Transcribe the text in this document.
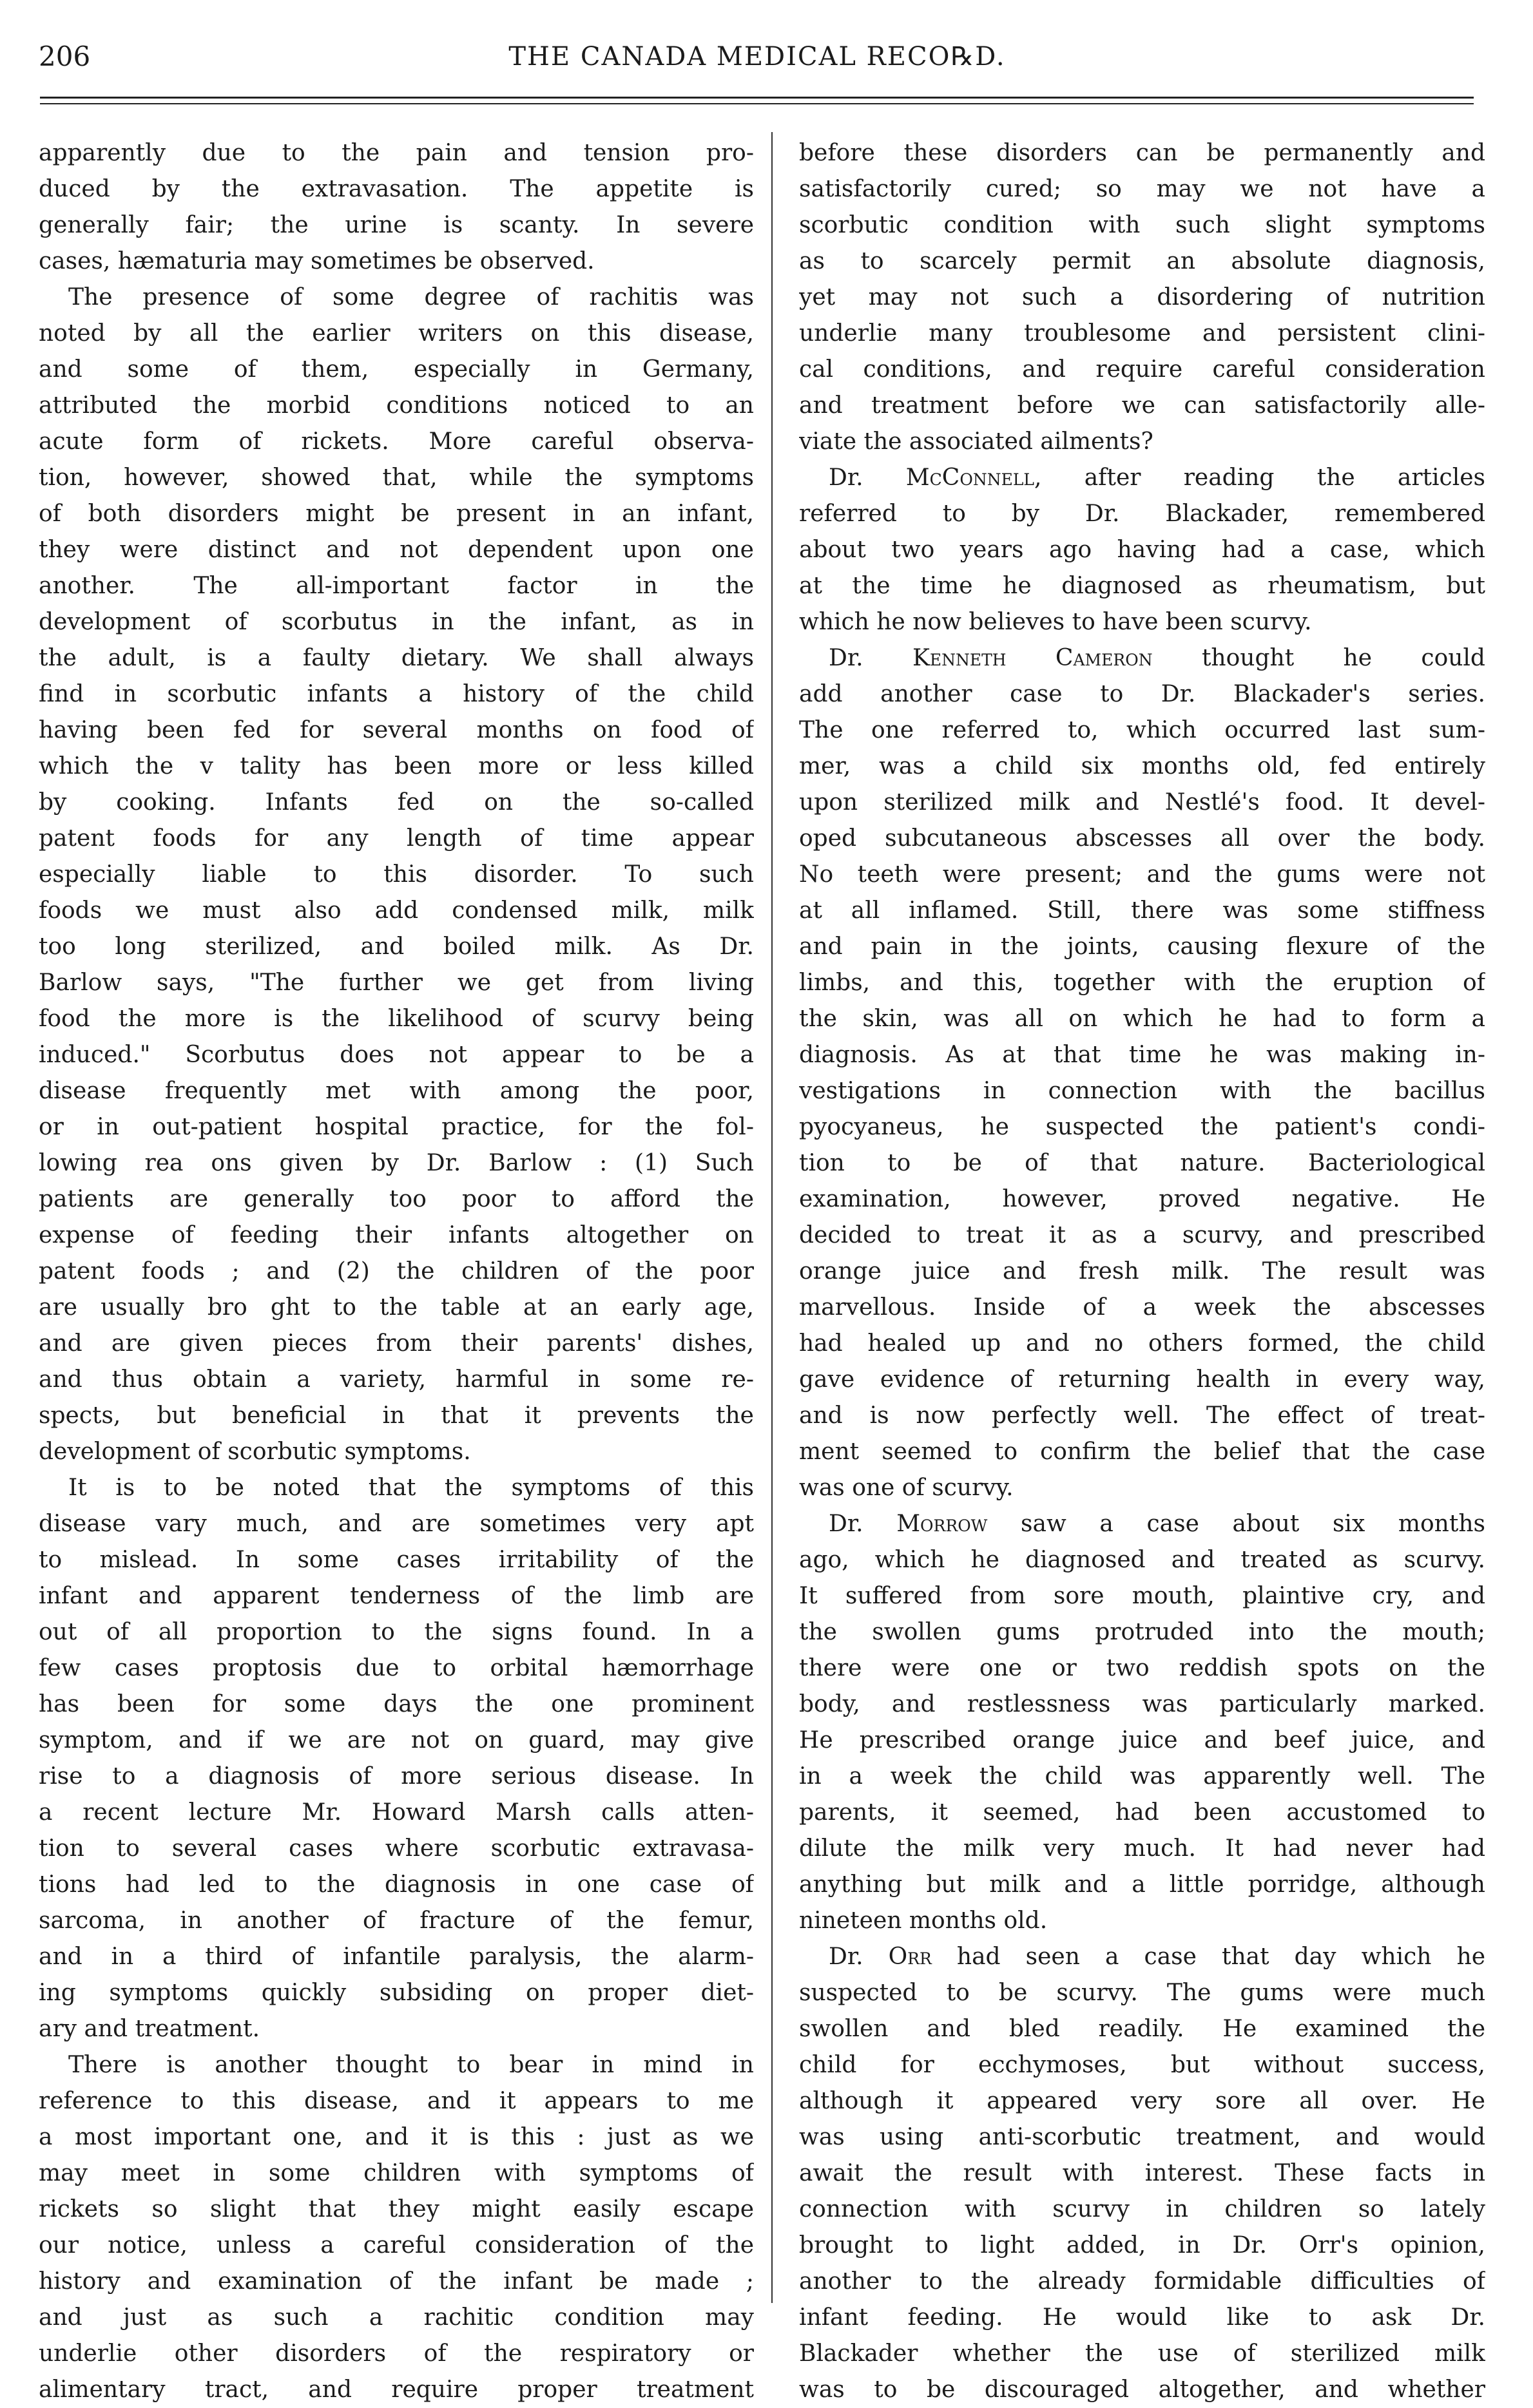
206	THE CANADA MEDICAL RECO℞D.
apparently due to the pain and tension pro-
duced by the extravasation. The appetite is
generally fair; the urine is scanty. In severe
cases, hæmaturia may sometimes be observed.
The presence of some degree of rachitis was
noted by all the earlier writers on this disease,
and some of them, especially in Germany,
attributed the morbid conditions noticed to an
acute form of rickets. More careful observa-
tion, however, showed that, while the symptoms
of both disorders might be present in an infant,
they were distinct and not dependent upon one
another. The all-important factor in the
development of scorbutus in the infant, as in
the adult, is a faulty dietary. We shall always
find in scorbutic infants a history of the child
having been fed for several months on food of
which the v tality has been more or less killed
by cooking. Infants fed on the so-called
patent foods for any length of time appear
especially liable to this disorder. To such
foods we must also add condensed milk, milk
too long sterilized, and boiled milk. As Dr.
Barlow says, "The further we get from living
food the more is the likelihood of scurvy being
induced." Scorbutus does not appear to be a
disease frequently met with among the poor,
or in out-patient hospital practice, for the fol-
lowing rea ons given by Dr. Barlow : (1) Such
patients are generally too poor to afford the
expense of feeding their infants altogether on
patent foods ; and (2) the children of the poor
are usually bro ght to the table at an early age,
and are given pieces from their parents' dishes,
and thus obtain a variety, harmful in some re-
spects, but beneficial in that it prevents the
development of scorbutic symptoms.
It is to be noted that the symptoms of this
disease vary much, and are sometimes very apt
to mislead. In some cases irritability of the
infant and apparent tenderness of the limb are
out of all proportion to the signs found. In a
few cases proptosis due to orbital hæmorrhage
has been for some days the one prominent
symptom, and if we are not on guard, may give
rise to a diagnosis of more serious disease. In
a recent lecture Mr. Howard Marsh calls atten-
tion to several cases where scorbutic extravasa-
tions had led to the diagnosis in one case of
sarcoma, in another of fracture of the femur,
and in a third of infantile paralysis, the alarm-
ing symptoms quickly subsiding on proper diet-
ary and treatment.
There is another thought to bear in mind in
reference to this disease, and it appears to me
a most important one, and it is this : just as we
may meet in some children with symptoms of
rickets so slight that they might easily escape
our notice, unless a careful consideration of the
history and examination of the infant be made ;
and just as such a rachitic condition may
underlie other disorders of the respiratory or
alimentary tract, and require proper treatment
before these disorders can be permanently and
satisfactorily cured; so may we not have a
scorbutic condition with such slight symptoms
as to scarcely permit an absolute diagnosis,
yet may not such a disordering of nutrition
underlie many troublesome and persistent clini-
cal conditions, and require careful consideration
and treatment before we can satisfactorily alle-
viate the associated ailments?
Dr. McConnell, after reading the articles
referred to by Dr. Blackader, remembered
about two years ago having had a case, which
at the time he diagnosed as rheumatism, but
which he now believes to have been scurvy.
Dr. Kenneth Cameron thought he could
add another case to Dr. Blackader's series.
The one referred to, which occurred last sum-
mer, was a child six months old, fed entirely
upon sterilized milk and Nestlé's food. It devel-
oped subcutaneous abscesses all over the body.
No teeth were present; and the gums were not
at all inflamed. Still, there was some stiffness
and pain in the joints, causing flexure of the
limbs, and this, together with the eruption of
the skin, was all on which he had to form a
diagnosis. As at that time he was making in-
vestigations in connection with the bacillus
pyocyaneus, he suspected the patient's condi-
tion to be of that nature. Bacteriological
examination, however, proved negative. He
decided to treat it as a scurvy, and prescribed
orange juice and fresh milk. The result was
marvellous. Inside of a week the abscesses
had healed up and no others formed, the child
gave evidence of returning health in every way,
and is now perfectly well. The effect of treat-
ment seemed to confirm the belief that the case
was one of scurvy.
Dr. Morrow saw a case about six months
ago, which he diagnosed and treated as scurvy.
It suffered from sore mouth, plaintive cry, and
the swollen gums protruded into the mouth;
there were one or two reddish spots on the
body, and restlessness was particularly marked.
He prescribed orange juice and beef juice, and
in a week the child was apparently well. The
parents, it seemed, had been accustomed to
dilute the milk very much. It had never had
anything but milk and a little porridge, although
nineteen months old.
Dr. Orr had seen a case that day which he
suspected to be scurvy. The gums were much
swollen and bled readily. He examined the
child for ecchymoses, but without success,
although it appeared very sore all over. He
was using anti-scorbutic treatment, and would
await the result with interest. These facts in
connection with scurvy in children so lately
brought to light added, in Dr. Orr's opinion,
another to the already formidable difficulties of
infant feeding. He would like to ask Dr.
Blackader whether the use of sterilized milk
was to be discouraged altogether, and whether
